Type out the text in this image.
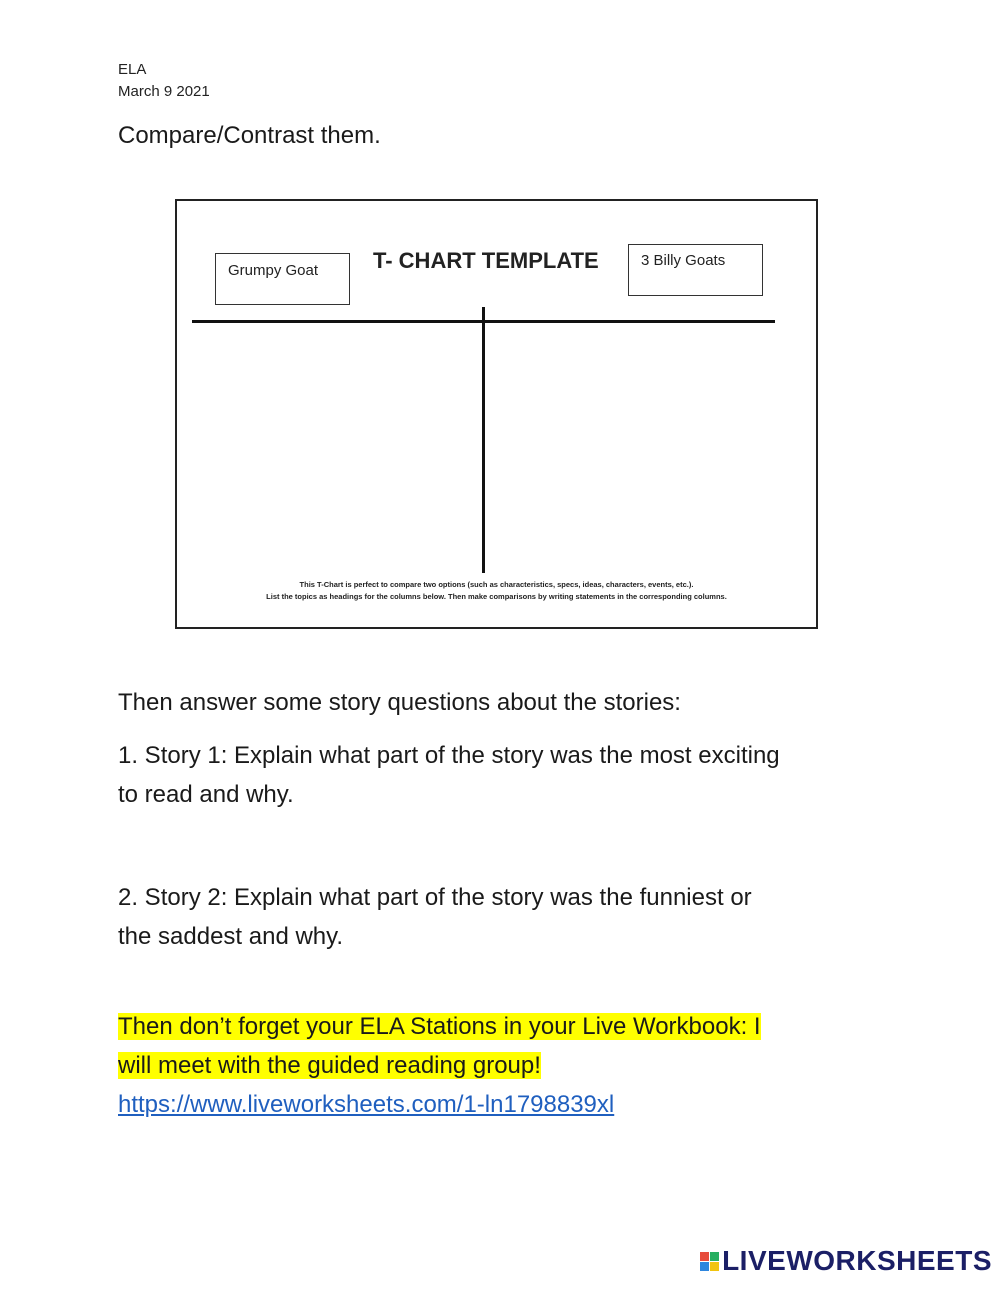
ELA
March 9 2021
Compare/Contrast them.
Grumpy Goat	T- CHART TEMPLATE	3 Billy Goats
This T-Chart is perfect to compare two options (such as characteristics, specs, ideas, characters, events, etc.).
List the topics as headings for the columns below. Then make comparisons by writing statements in the corresponding columns.
Then answer some story questions about the stories:
1. Story 1: Explain what part of the story was the most exciting
to read and why.
2. Story 2: Explain what part of the story was the funniest or
the saddest and why.
Then don’t forget your ELA Stations in your Live Workbook: I
will meet with the guided reading group!
https://www.liveworksheets.com/1-ln1798839xl
LIVEWORKSHEETS
